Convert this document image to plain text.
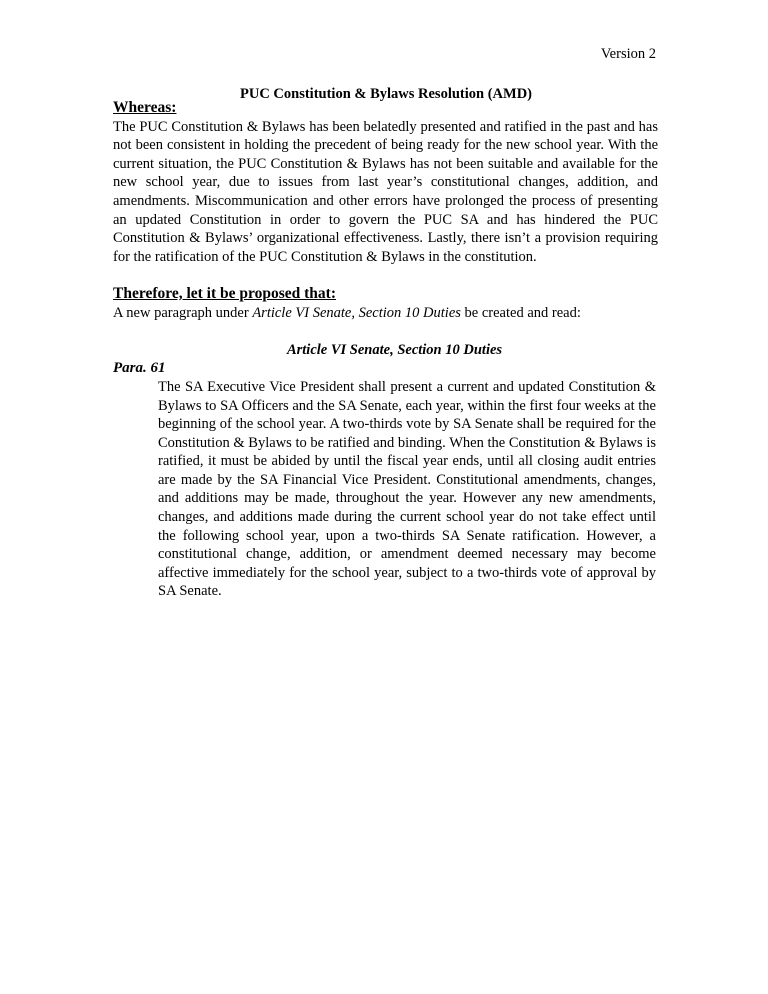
Version 2
PUC Constitution & Bylaws Resolution (AMD)

Whereas:

The PUC Constitution & Bylaws has been belatedly presented and ratified in the past and has not been consistent in holding the precedent of being ready for the new school year. With the current situation, the PUC Constitution & Bylaws has not been suitable and available for the new school year, due to issues from last year’s constitutional changes, addition, and amendments. Miscommunication and other errors have prolonged the process of presenting an updated Constitution in order to govern the PUC SA and has hindered the PUC Constitution & Bylaws’ organizational effectiveness. Lastly, there isn’t a provision requiring for the ratification of the PUC Constitution & Bylaws in the constitution.

Therefore, let it be proposed that:

A new paragraph under Article VI Senate, Section 10 Duties be created and read:

Article VI Senate, Section 10 Duties

Para. 61

The SA Executive Vice President shall present a current and updated Constitution & Bylaws to SA Officers and the SA Senate, each year, within the first four weeks at the beginning of the school year. A two-thirds vote by SA Senate shall be required for the Constitution & Bylaws to be ratified and binding. When the Constitution & Bylaws is ratified, it must be abided by until the fiscal year ends, until all closing audit entries are made by the SA Financial Vice President. Constitutional amendments, changes, and additions may be made, throughout the year. However any new amendments, changes, and additions made during the current school year do not take effect until the following school year, upon a two-thirds SA Senate ratification. However, a constitutional change, addition, or amendment deemed necessary may become affective immediately for the school year, subject to a two-thirds vote of approval by SA Senate.
